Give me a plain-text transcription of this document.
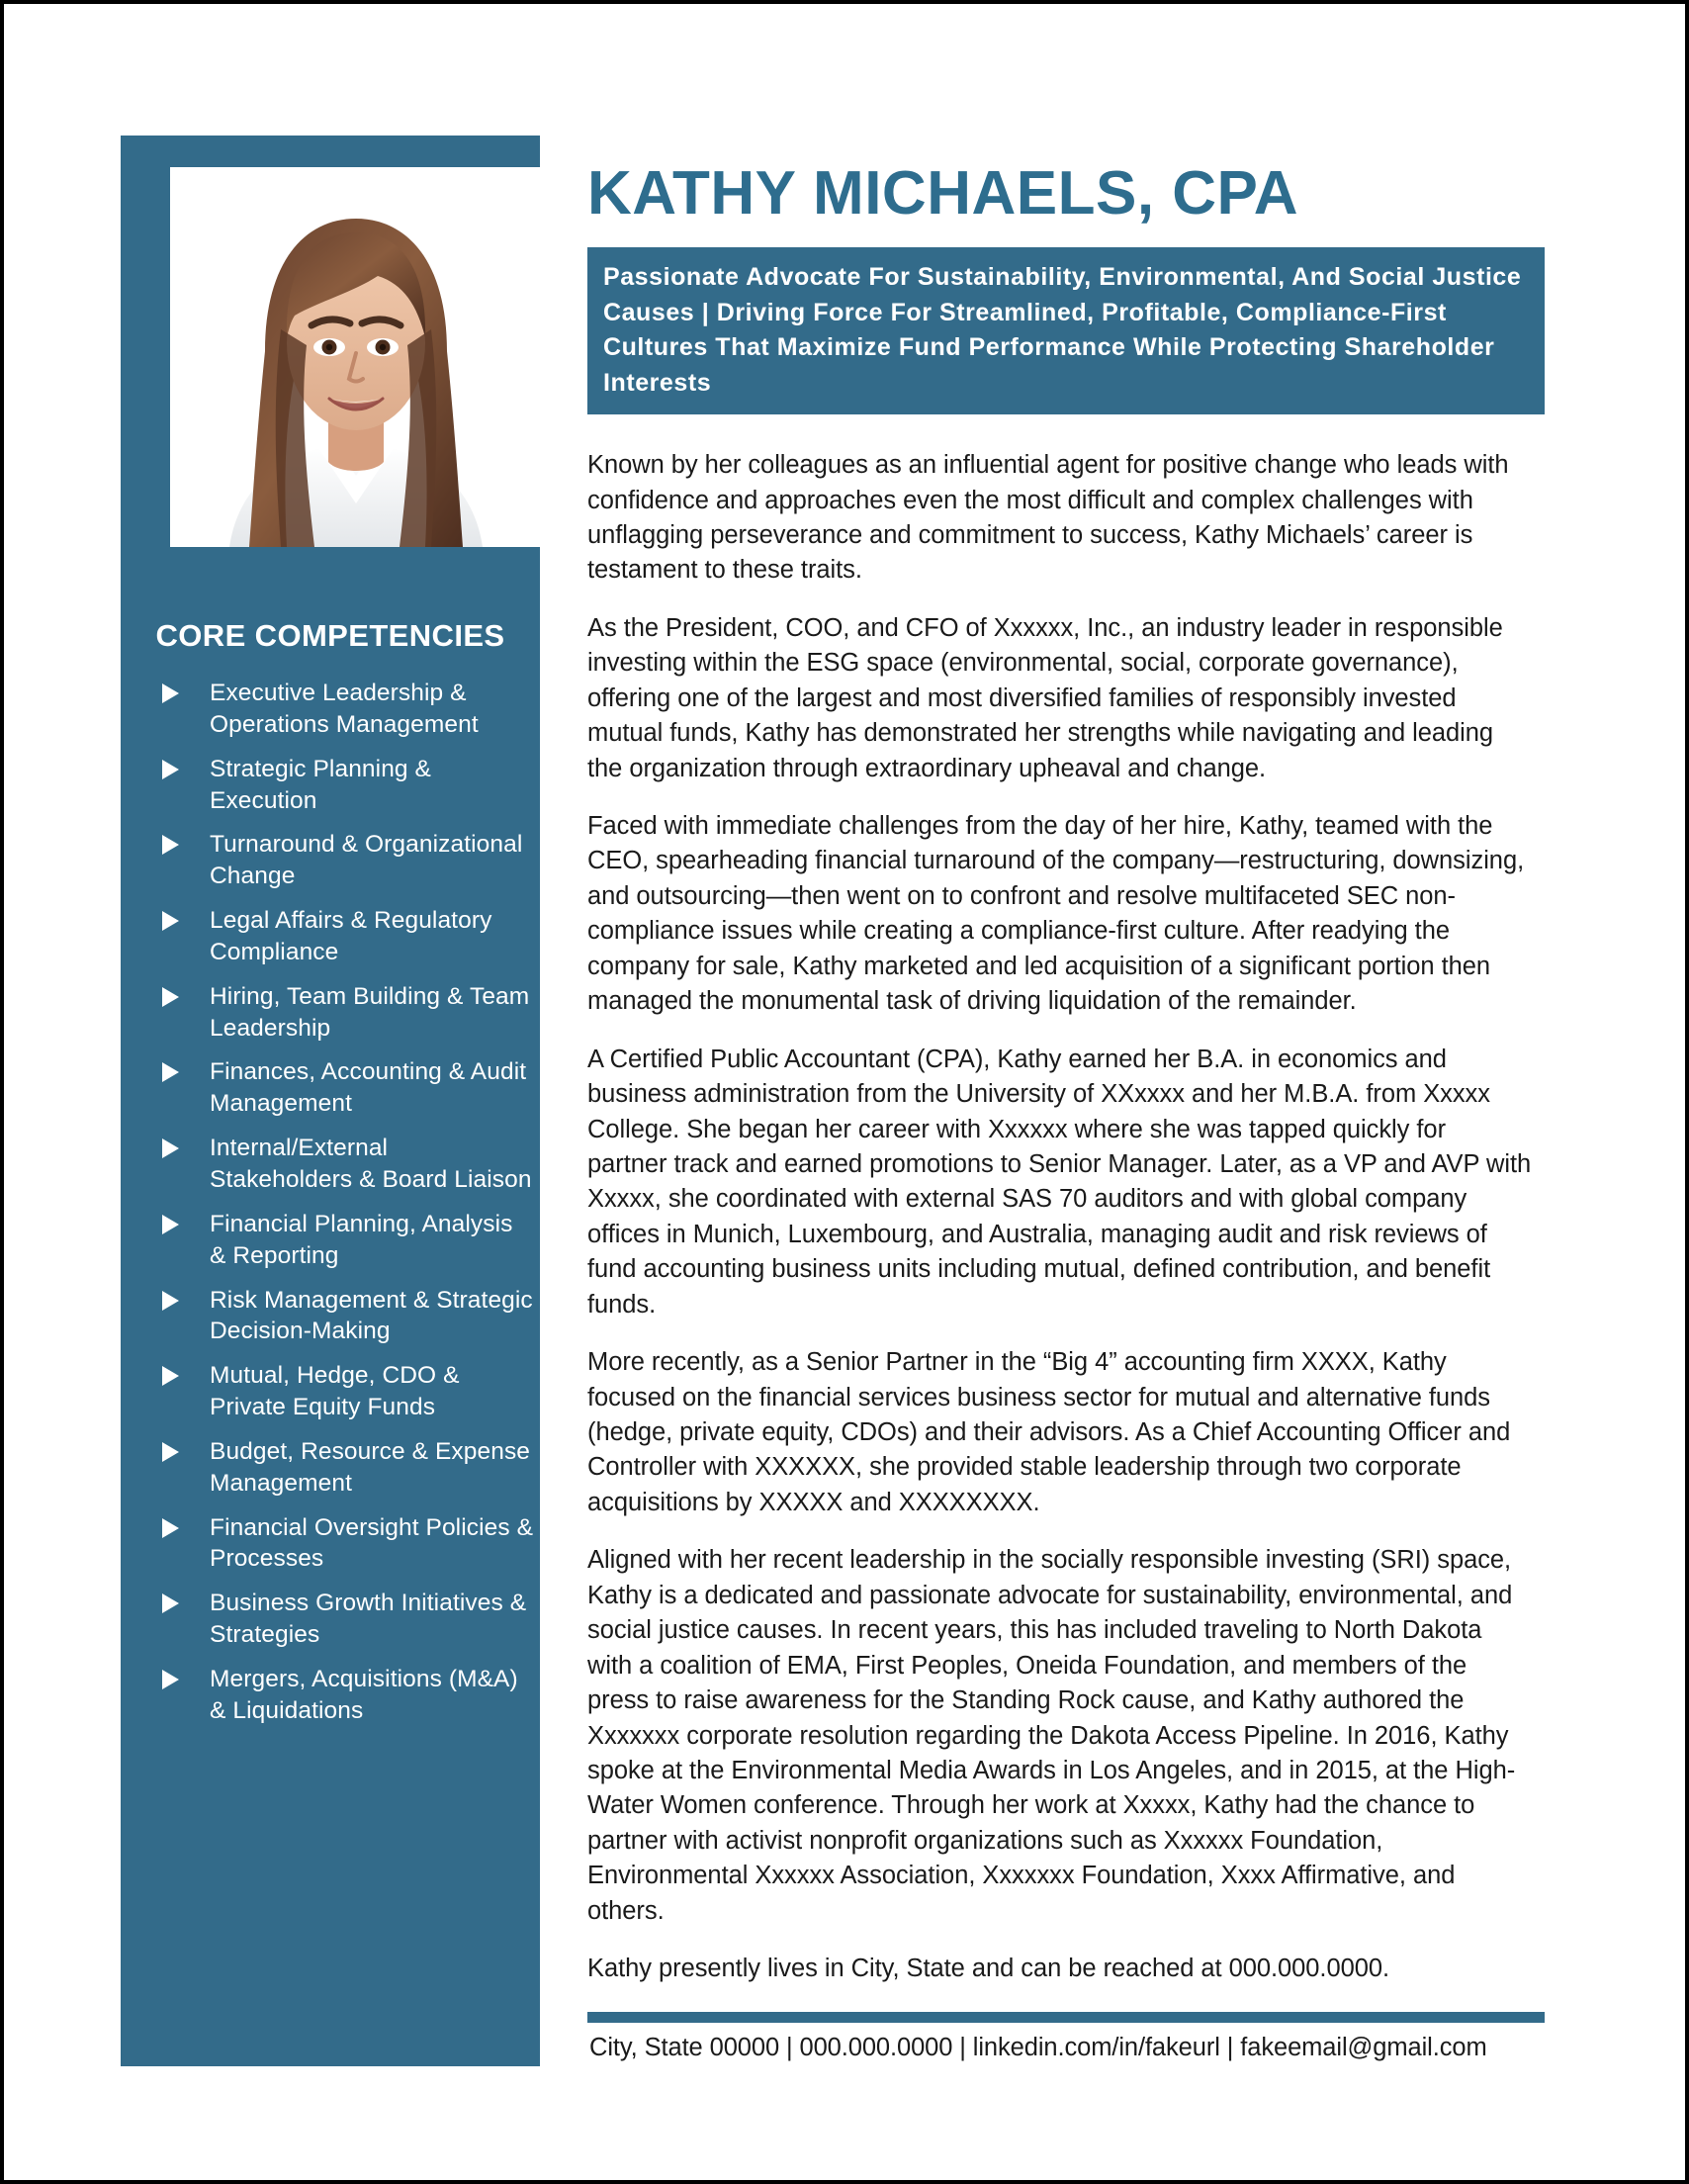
CORE COMPETENCIES
Executive Leadership & Operations Management
Strategic Planning & Execution
Turnaround & Organizational Change
Legal Affairs & Regulatory Compliance
Hiring, Team Building & Team Leadership
Finances, Accounting & Audit Management
Internal/External Stakeholders & Board Liaison
Financial Planning, Analysis & Reporting
Risk Management & Strategic Decision-Making
Mutual, Hedge, CDO & Private Equity Funds
Budget, Resource & Expense Management
Financial Oversight Policies & Processes
Business Growth Initiatives & Strategies
Mergers, Acquisitions (M&A) & Liquidations
KATHY MICHAELS, CPA
Passionate Advocate For Sustainability, Environmental, And Social Justice Causes | Driving Force For Streamlined, Profitable, Compliance-First Cultures That Maximize Fund Performance While Protecting Shareholder Interests

Known by her colleagues as an influential agent for positive change who leads with confidence and approaches even the most difficult and complex challenges with unflagging perseverance and commitment to success, Kathy Michaels’ career is testament to these traits.

As the President, COO, and CFO of Xxxxxx, Inc., an industry leader in responsible investing within the ESG space (environmental, social, corporate governance), offering one of the largest and most diversified families of responsibly invested mutual funds, Kathy has demonstrated her strengths while navigating and leading the organization through extraordinary upheaval and change.

Faced with immediate challenges from the day of her hire, Kathy, teamed with the CEO, spearheading financial turnaround of the company—restructuring, downsizing, and outsourcing—then went on to confront and resolve multifaceted SEC non-compliance issues while creating a compliance-first culture. After readying the company for sale, Kathy marketed and led acquisition of a significant portion then managed the monumental task of driving liquidation of the remainder.

A Certified Public Accountant (CPA), Kathy earned her B.A. in economics and business administration from the University of XXxxxx and her M.B.A. from Xxxxx College. She began her career with Xxxxxx where she was tapped quickly for partner track and earned promotions to Senior Manager. Later, as a VP and AVP with Xxxxx, she coordinated with external SAS 70 auditors and with global company offices in Munich, Luxembourg, and Australia, managing audit and risk reviews of fund accounting business units including mutual, defined contribution, and benefit funds.

More recently, as a Senior Partner in the “Big 4” accounting firm XXXX, Kathy focused on the financial services business sector for mutual and alternative funds (hedge, private equity, CDOs) and their advisors. As a Chief Accounting Officer and Controller with XXXXXX, she provided stable leadership through two corporate acquisitions by XXXXX and XXXXXXXX.

Aligned with her recent leadership in the socially responsible investing (SRI) space, Kathy is a dedicated and passionate advocate for sustainability, environmental, and social justice causes. In recent years, this has included traveling to North Dakota with a coalition of EMA, First Peoples, Oneida Foundation, and members of the press to raise awareness for the Standing Rock cause, and Kathy authored the Xxxxxxx corporate resolution regarding the Dakota Access Pipeline. In 2016, Kathy spoke at the Environmental Media Awards in Los Angeles, and in 2015, at the High-Water Women conference. Through her work at Xxxxx, Kathy had the chance to partner with activist nonprofit organizations such as Xxxxxx Foundation, Environmental Xxxxxx Association, Xxxxxxx Foundation, Xxxx Affirmative, and others.

Kathy presently lives in City, State and can be reached at 000.000.0000.

City, State 00000 | 000.000.0000 | linkedin.com/in/fakeurl | fakeemail@gmail.com
